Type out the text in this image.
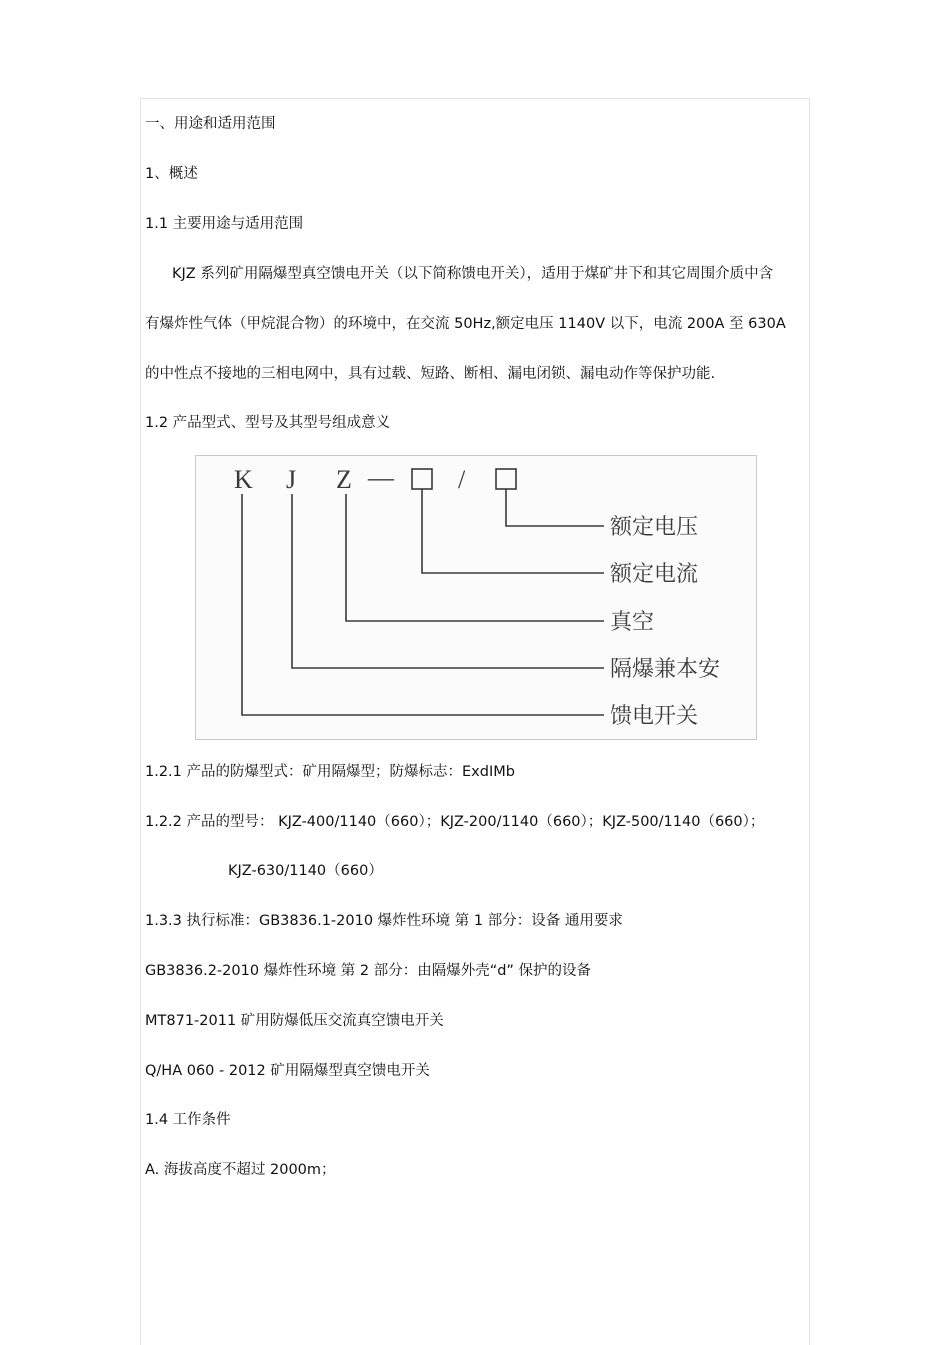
一、用途和适用范围
1、概述
1.1 主要用途与适用范围
KJZ 系列矿用隔爆型真空馈电开关（以下简称馈电开关），适用于煤矿井下和其它周围介质中含
有爆炸性气体（甲烷混合物）的环境中，在交流 50Hz,额定电压 1140V 以下，电流 200A 至 630A
的中性点不接地的三相电网中，具有过载、短路、断相、漏电闭锁、漏电动作等保护功能.
1.2 产品型式、型号及其型号组成意义
K J Z — /
额定电压
额定电流
真空
隔爆兼本安
馈电开关
1.2.1 产品的防爆型式：矿用隔爆型；防爆标志：ExdIMb
1.2.2 产品的型号： KJZ-400/1140（660）；KJZ-200/1140（660）；KJZ-500/1140（660）；
KJZ-630/1140（660）
1.3.3 执行标准：GB3836.1-2010 爆炸性环境 第 1 部分：设备 通用要求
GB3836.2-2010 爆炸性环境 第 2 部分：由隔爆外壳“d” 保护的设备
MT871-2011 矿用防爆低压交流真空馈电开关
Q/HA 060 - 2012 矿用隔爆型真空馈电开关
1.4 工作条件
A. 海拔高度不超过 2000m；
